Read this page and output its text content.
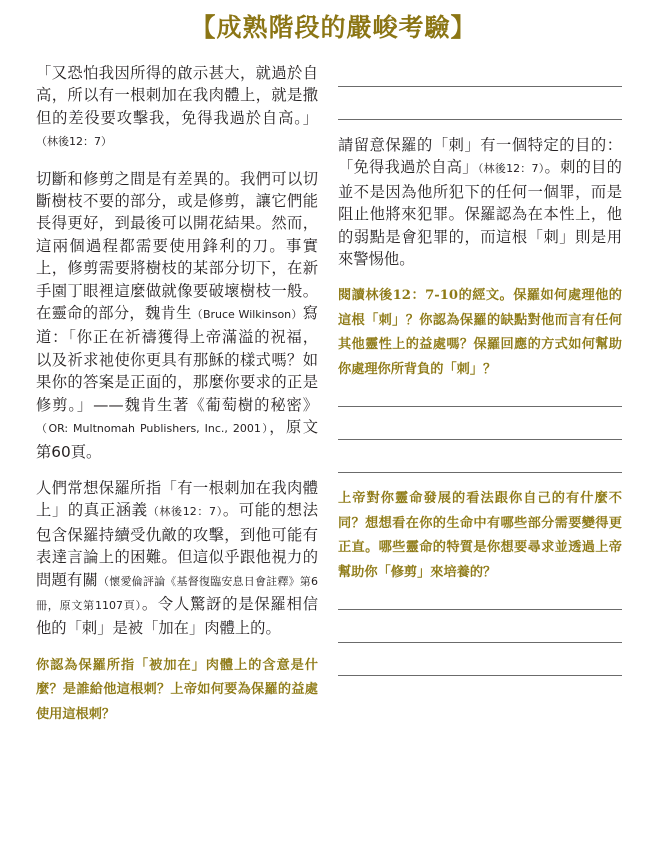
【成熟階段的嚴峻考驗】

「又恐怕我因所得的啟示甚大，就過於自高，所以有一根刺加在我肉體上，就是撒但的差役要攻擊我，免得我過於自高。」（林後12：7）

切斷和修剪之間是有差異的。我們可以切斷樹枝不要的部分，或是修剪，讓它們能長得更好，到最後可以開花結果。然而，這兩個過程都需要使用鋒利的刀。事實上，修剪需要將樹枝的某部分切下，在新手園丁眼裡這麼做就像要破壞樹枝一般。在靈命的部分，魏肯生（Bruce Wilkinson）寫道：「你正在祈禱獲得上帝滿溢的祝福，以及祈求祂使你更具有那穌的樣式嗎？如果你的答案是正面的，那麼你要求的正是修剪。」——魏肯生著《葡萄樹的秘密》（OR: Multnomah Publishers, Inc., 2001），原文第60頁。

人們常想保羅所指「有一根刺加在我肉體上」的真正涵義（林後12：7）。可能的想法包含保羅持續受仇敵的攻擊，到他可能有表達言論上的困難。但這似乎跟他視力的問題有關（懷愛倫評論《基督復臨安息日會註釋》第6冊，原文第1107頁）。令人驚訝的是保羅相信他的「刺」是被「加在」肉體上的。

你認為保羅所指「被加在」肉體上的含意是什麼？是誰給他這根刺？上帝如何要為保羅的益處使用這根刺？

請留意保羅的「刺」有一個特定的目的：「免得我過於自高」（林後12：7）。刺的目的並不是因為他所犯下的任何一個罪，而是阻止他將來犯罪。保羅認為在本性上，他的弱點是會犯罪的，而這根「刺」則是用來警惕他。

閱讀林後12：7-10的經文。保羅如何處理他的這根「刺」？你認為保羅的缺點對他而言有任何其他靈性上的益處嗎？保羅回應的方式如何幫助你處理你所背負的「刺」？

上帝對你靈命發展的看法跟你自己的有什麼不同？想想看在你的生命中有哪些部分需要變得更正直。哪些靈命的特質是你想要尋求並透過上帝幫助你「修剪」來培養的？
